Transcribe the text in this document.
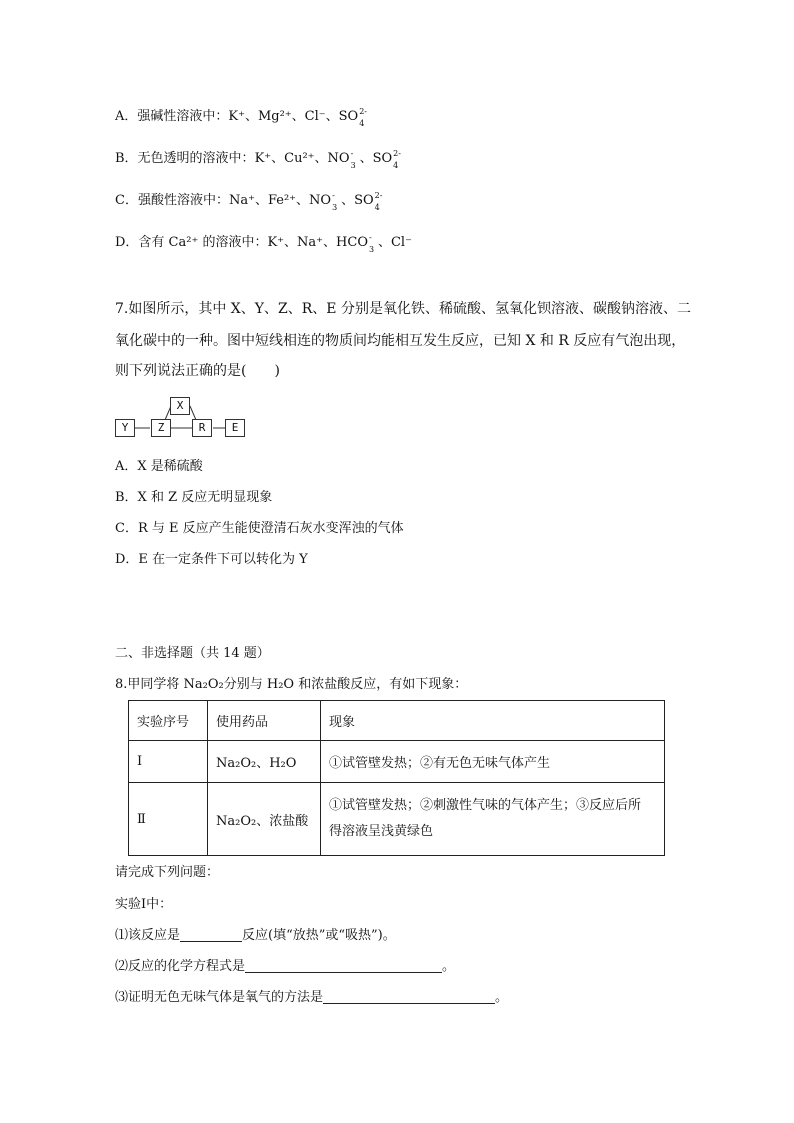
A．强碱性溶液中：K⁺、Mg²⁺、Cl⁻、SO 2-
4
B．无色透明的溶液中：K⁺、Cu²⁺、NO -
3 、SO 2-
4
C．强酸性溶液中：Na⁺、Fe²⁺、NO -
3 、SO 2-
4
D．含有 Ca²⁺ 的溶液中：K⁺、Na⁺、HCO -
3 、Cl⁻
7.如图所示，其中 X、Y、Z、R、E 分别是氧化铁、稀硫酸、氢氧化钡溶液、碳酸钠溶液、二
氧化碳中的一种。图中短线相连的物质间均能相互发生反应，已知 X 和 R 反应有气泡出现，
则下列说法正确的是(　　)
X
Y	Z	R	E
A．X 是稀硫酸
B．X 和 Z 反应无明显现象
C．R 与 E 反应产生能使澄清石灰水变浑浊的气体
D．E 在一定条件下可以转化为 Y
二、非选择题（共 14 题）
8.甲同学将 Na₂O₂分别与 H₂O 和浓盐酸反应，有如下现象：
实验序号	使用药品	现象
Ⅰ	Na₂O₂、H₂O	①试管壁发热；②有无色无味气体产生
Ⅱ	Na₂O₂、浓盐酸	①试管壁发热；②刺激性气味的气体产生；③反应后所
得溶液呈浅黄绿色
请完成下列问题：
实验Ⅰ中：
⑴该反应是	反应(填“放热”或“吸热”)。
⑵反应的化学方程式是	。
⑶证明无色无味气体是氧气的方法是	。
